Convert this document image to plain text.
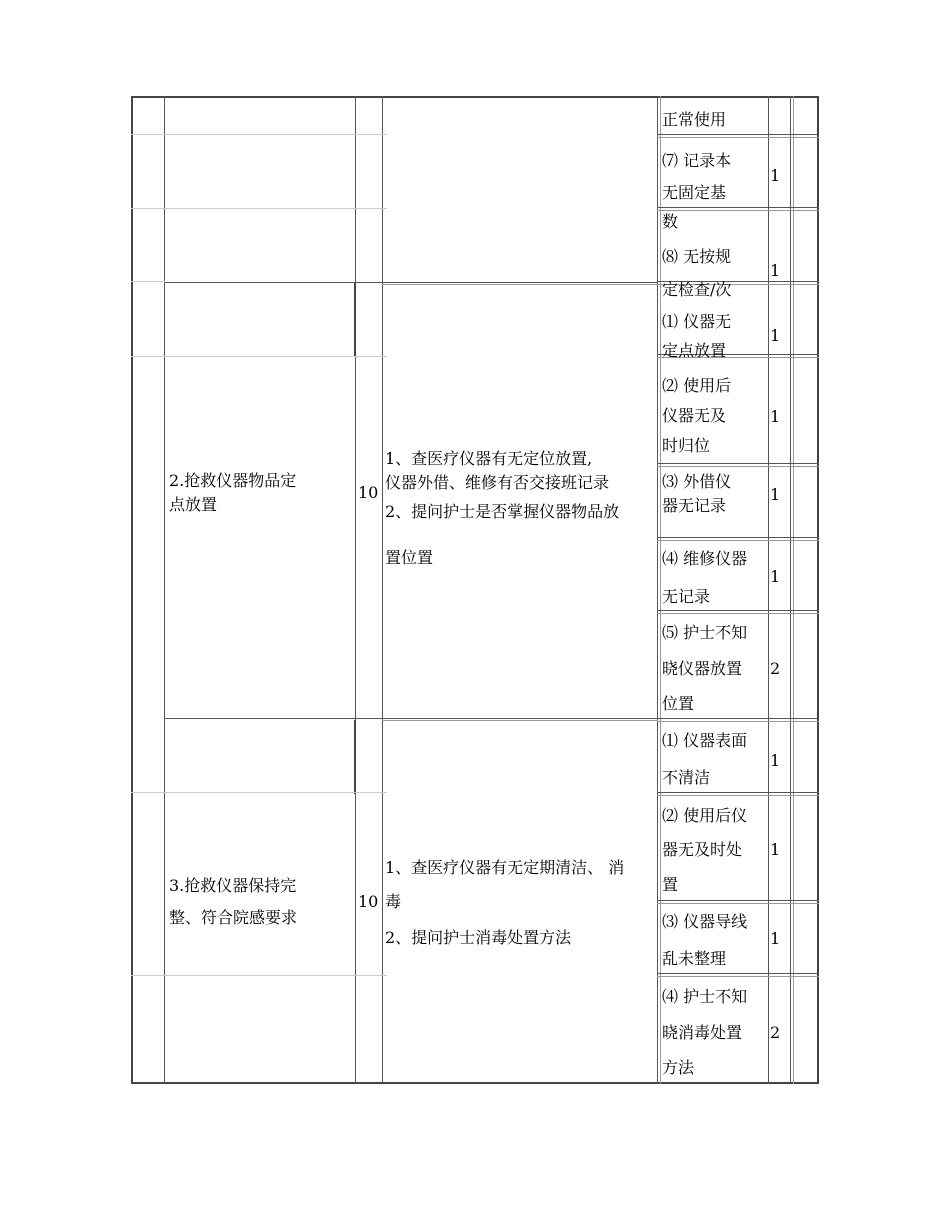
正常使用
⑺ 记录本
无固定基
1
数
⑻ 无按规
定检查/次
1
2.抢救仪器物品定
点放置
10
1、查医疗仪器有无定位放置,
仪器外借、维修有否交接班记录
2、提问护士是否掌握仪器物品放
置位置
⑴ 仪器无
定点放置
1
⑵ 使用后
仪器无及
时归位
1
⑶ 外借仪
器无记录
1
⑷ 维修仪器
无记录
1
⑸ 护士不知
晓仪器放置
位置
2
3.抢救仪器保持完
整、符合院感要求
10
1、查医疗仪器有无定期清洁、 消
毒
2、提问护士消毒处置方法
⑴ 仪器表面
不清洁
1
⑵ 使用后仪
器无及时处
置
1
⑶ 仪器导线
乱未整理
1
⑷ 护士不知
晓消毒处置
方法
2
